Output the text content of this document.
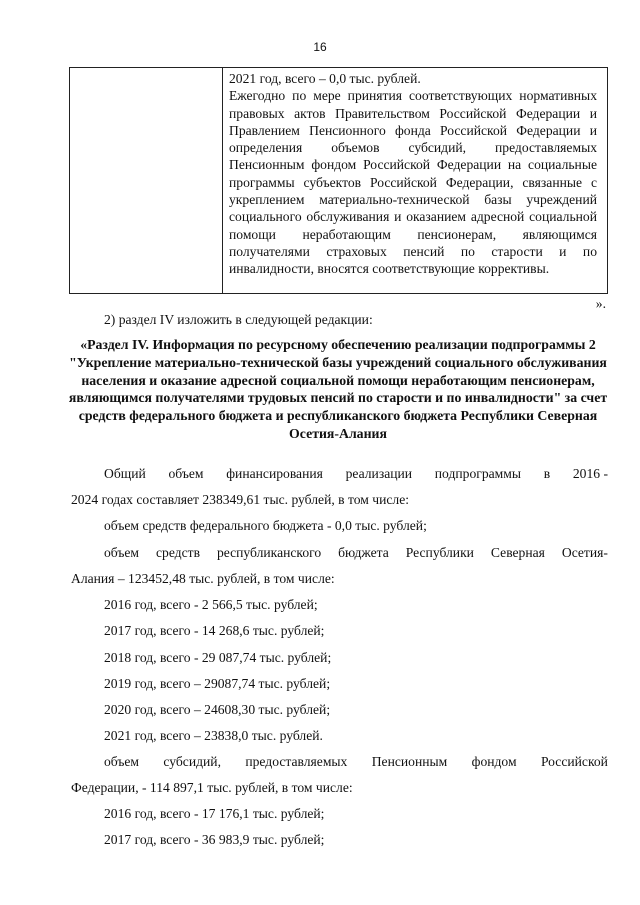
16

2021 год, всего – 0,0 тыс. рублей.

Ежегодно по мере принятия соответствующих нормативных правовых актов Правительством Российской Федерации и Правлением Пенсионного фонда Российской Федерации и определения объемов субсидий, предоставляемых Пенсионным фондом Российской Федерации на социальные программы субъектов Российской Федерации, связанные с укреплением материально-технической базы учреждений социального обслуживания и оказанием адресной социальной помощи неработающим пенсионерам, являющимся получателями страховых пенсий по старости и по инвалидности, вносятся соответствующие коррективы.

».
2) раздел IV изложить в следующей редакции:
«Раздел IV. Информация по ресурсному обеспечению реализации подпрограммы 2 "Укрепление материально-технической базы учреждений социального обслуживания населения и оказание адресной социальной помощи неработающим пенсионерам, являющимся получателями трудовых пенсий по старости и по инвалидности" за счет средств федерального бюджета и республиканского бюджета Республики Северная Осетия-Алания
Общий объем финансирования реализации подпрограммы в 2016 -
2024 годах составляет 238349,61 тыс. рублей, в том числе:
объем средств федерального бюджета - 0,0 тыс. рублей;
объем средств республиканского бюджета Республики Северная Осетия-
Алания – 123452,48 тыс. рублей, в том числе:
2016 год, всего - 2 566,5 тыс. рублей;
2017 год, всего - 14 268,6 тыс. рублей;
2018 год, всего - 29 087,74 тыс. рублей;
2019 год, всего – 29087,74 тыс. рублей;
2020 год, всего – 24608,30 тыс. рублей;
2021 год, всего – 23838,0 тыс. рублей.
объем субсидий, предоставляемых Пенсионным фондом Российской
Федерации, - 114 897,1 тыс. рублей, в том числе:
2016 год, всего - 17 176,1 тыс. рублей;
2017 год, всего - 36 983,9 тыс. рублей;
